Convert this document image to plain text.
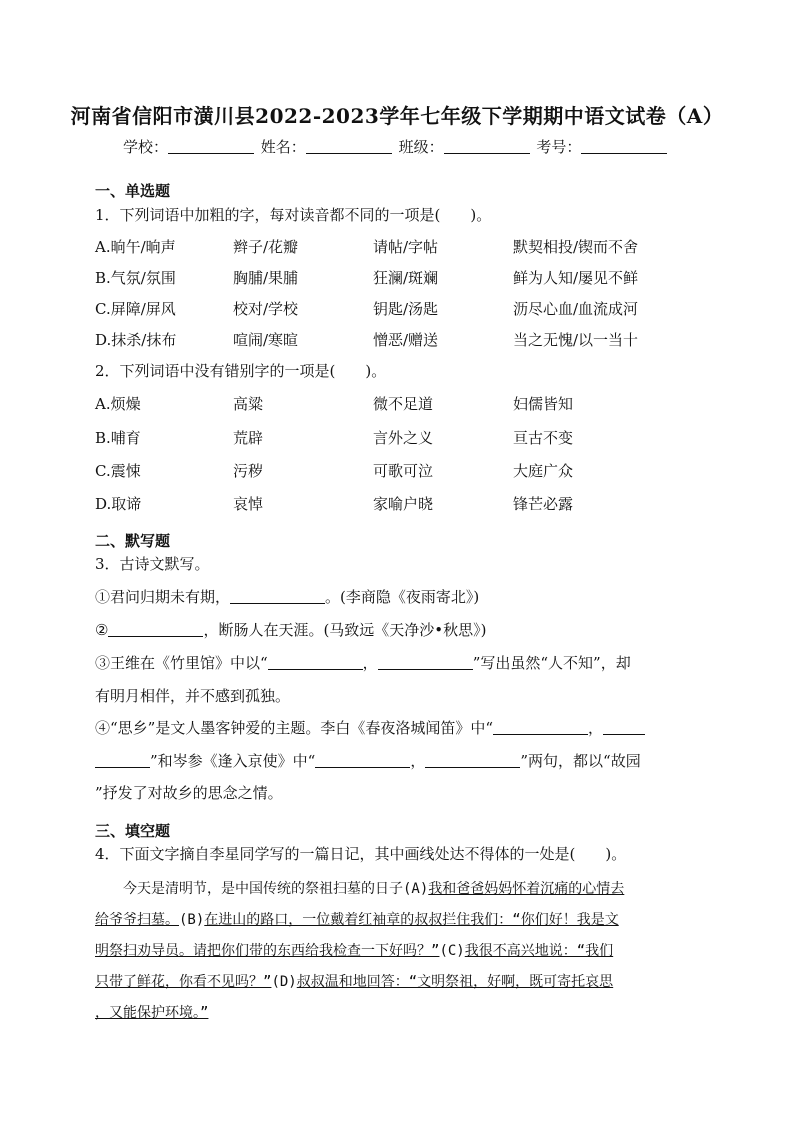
河南省信阳市潢川县2022-2023学年七年级下学期期中语文试卷（A）
学校：	姓名：	班级：	考号：
一、单选题
1．下列词语中加粗的字，每对读音都不同的一项是(　　)。
A.晌午/晌声	辫子/花瓣	请帖/字帖	默契相投/锲而不舍
B.气氛/氛围	胸脯/果脯	狂澜/斑斓	鲜为人知/屡见不鲜
C.屏障/屏风	校对/学校	钥匙/汤匙	沥尽心血/血流成河
D.抹杀/抹布	喧闹/寒暄	憎恶/赠送	当之无愧/以一当十
2．下列词语中没有错别字的一项是(　　)。
A.烦燥	高粱	微不足道	妇儒皆知
B.哺育	荒辟	言外之义	亘古不变
C.震悚	污秽	可歌可泣	大庭广众
D.取谛	哀悼	家喻户晓	锋芒必露
二、默写题
3．古诗文默写。
①君问归期未有期，	。(李商隐《夜雨寄北》)
②	，断肠人在天涯。(马致远《天净沙•秋思》)
③王维在《竹里馆》中以“	，	”写出虽然“人不知”，却
有明月相伴，并不感到孤独。
④“思乡”是文人墨客钟爱的主题。李白《春夜洛城闻笛》中“	，
”和岑参《逢入京使》中“	，	”两句，都以“故园
”抒发了对故乡的思念之情。
三、填空题
4．下面文字摘自李星同学写的一篇日记，其中画线处达不得体的一处是(　　)。
　　今天是清明节，是中国传统的祭祖扫墓的日子(A)我和爸爸妈妈怀着沉痛的心情去
给爷爷扫墓。(B)在进山的路口，一位戴着红袖章的叔叔拦住我们：“你们好！我是文
明祭扫劝导员。请把你们带的东西给我检查一下好吗？”(C)我很不高兴地说：“我们
只带了鲜花，你看不见吗？”(D)叔叔温和地回答：“文明祭祖，好啊，既可寄托哀思
，又能保护环境。”
